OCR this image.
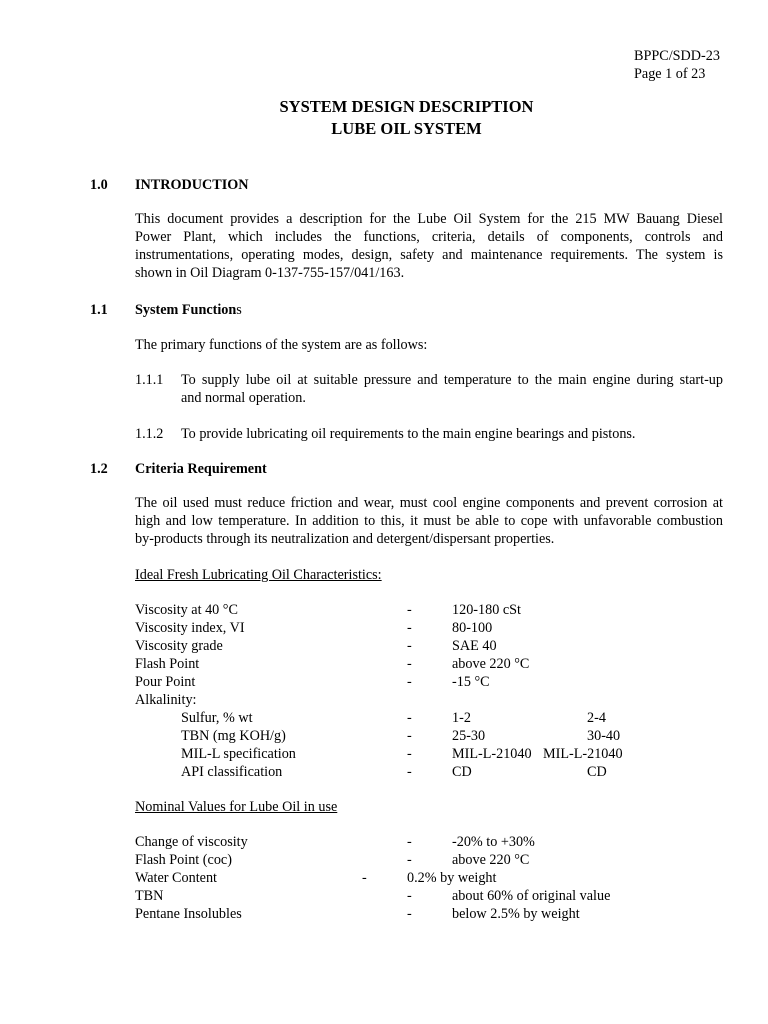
BPPC/SDD-23
Page 1 of 23
SYSTEM DESIGN DESCRIPTION
LUBE OIL SYSTEM
1.0 INTRODUCTION
This document provides a description for the Lube Oil System for the 215 MW Bauang Diesel
Power Plant, which includes the functions, criteria, details of components, controls and
instrumentations, operating modes, design, safety and maintenance requirements. The system is
shown in Oil Diagram 0-137-755-157/041/163.
1.1 System Functions
The primary functions of the system are as follows:
1.1.1 To supply lube oil at suitable pressure and temperature to the main engine during start-up
and normal operation.
1.1.2 To provide lubricating oil requirements to the main engine bearings and pistons.
1.2 Criteria Requirement
The oil used must reduce friction and wear, must cool engine components and prevent corrosion at
high and low temperature. In addition to this, it must be able to cope with unfavorable combustion
by-products through its neutralization and detergent/dispersant properties.
Ideal Fresh Lubricating Oil Characteristics:
Viscosity at 40 °C	-	120-180 cSt
Viscosity index, VI	-	80-100
Viscosity grade	-	SAE 40
Flash Point	-	above 220 °C
Pour Point	-	-15 °C
Alkalinity:
Sulfur, % wt	-	1-2	2-4
TBN (mg KOH/g)	-	25-30	30-40
MIL-L specification	-	MIL-L-21040 MIL-L-21040
API classification	-	CD	CD
Nominal Values for Lube Oil in use
Change of viscosity	-	-20% to +30%
Flash Point (coc)	-	above 220 °C
Water Content	-	0.2% by weight
TBN	-	about 60% of original value
Pentane Insolubles	-	below 2.5% by weight
